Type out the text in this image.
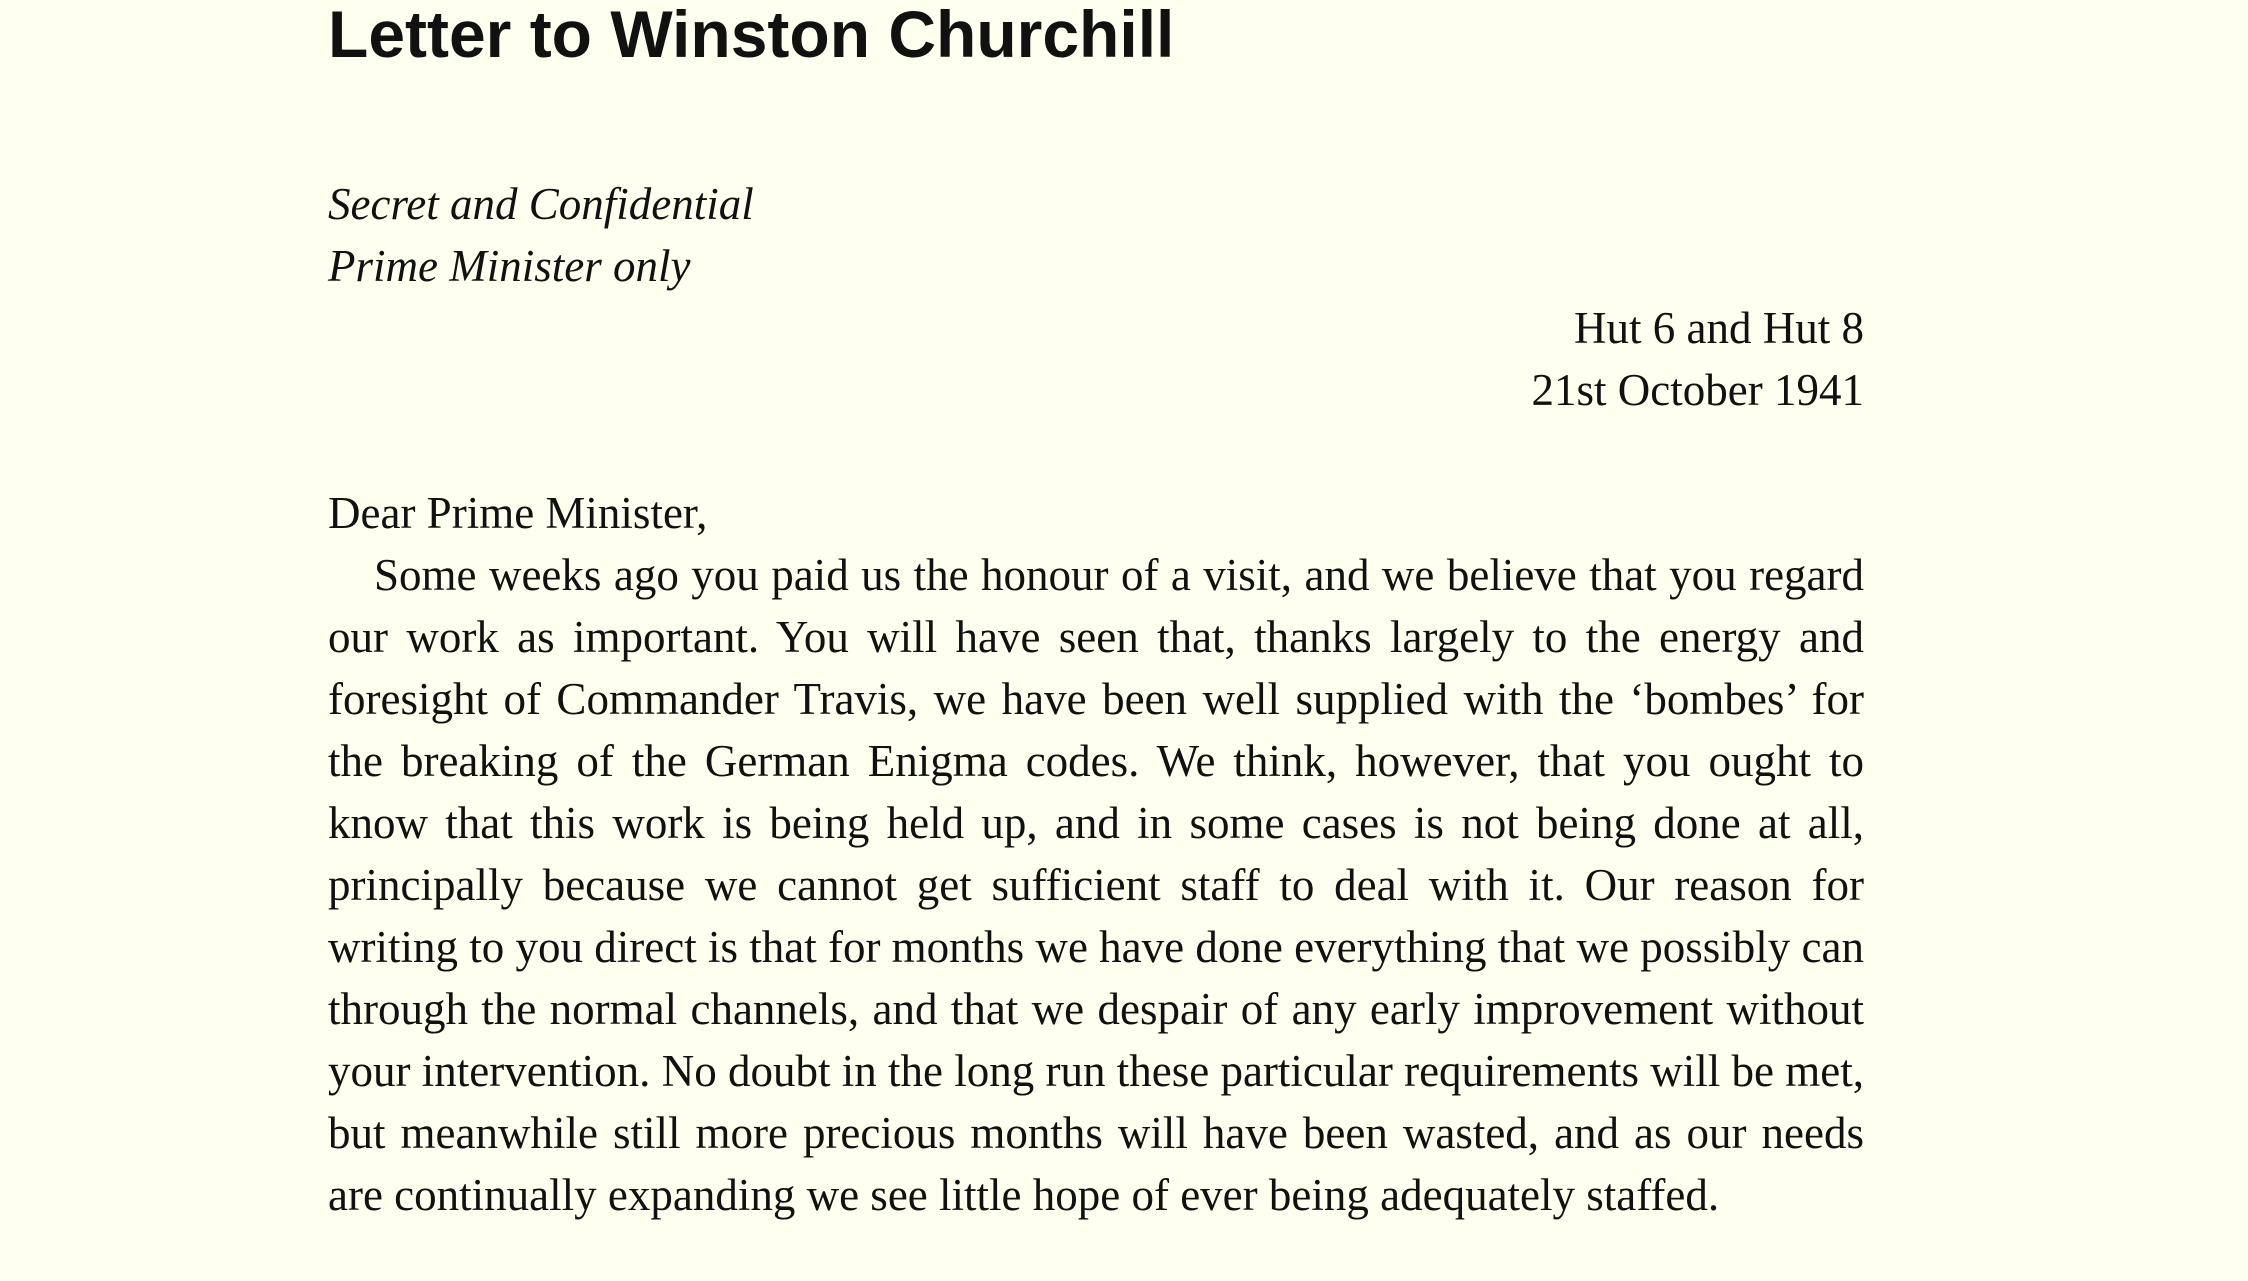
Letter to Winston Churchill
Secret and Confidential
Prime Minister only
Hut 6 and Hut 8
21st October 1941
Dear Prime Minister,

Some weeks ago you paid us the honour of a visit, and we believe that you regard our work as important. You will have seen that, thanks largely to the energy and foresight of Commander Travis, we have been well supplied with the ‘bombes’ for the breaking of the German Enigma codes. We think, however, that you ought to know that this work is being held up, and in some cases is not being done at all, principally because we cannot get sufficient staff to deal with it. Our reason for writing to you direct is that for months we have done everything that we possibly can through the normal channels, and that we despair of any early improvement without your intervention. No doubt in the long run these particular requirements will be met, but meanwhile still more precious months will have been wasted, and as our needs are continually expanding we see little hope of ever being adequately staffed.
